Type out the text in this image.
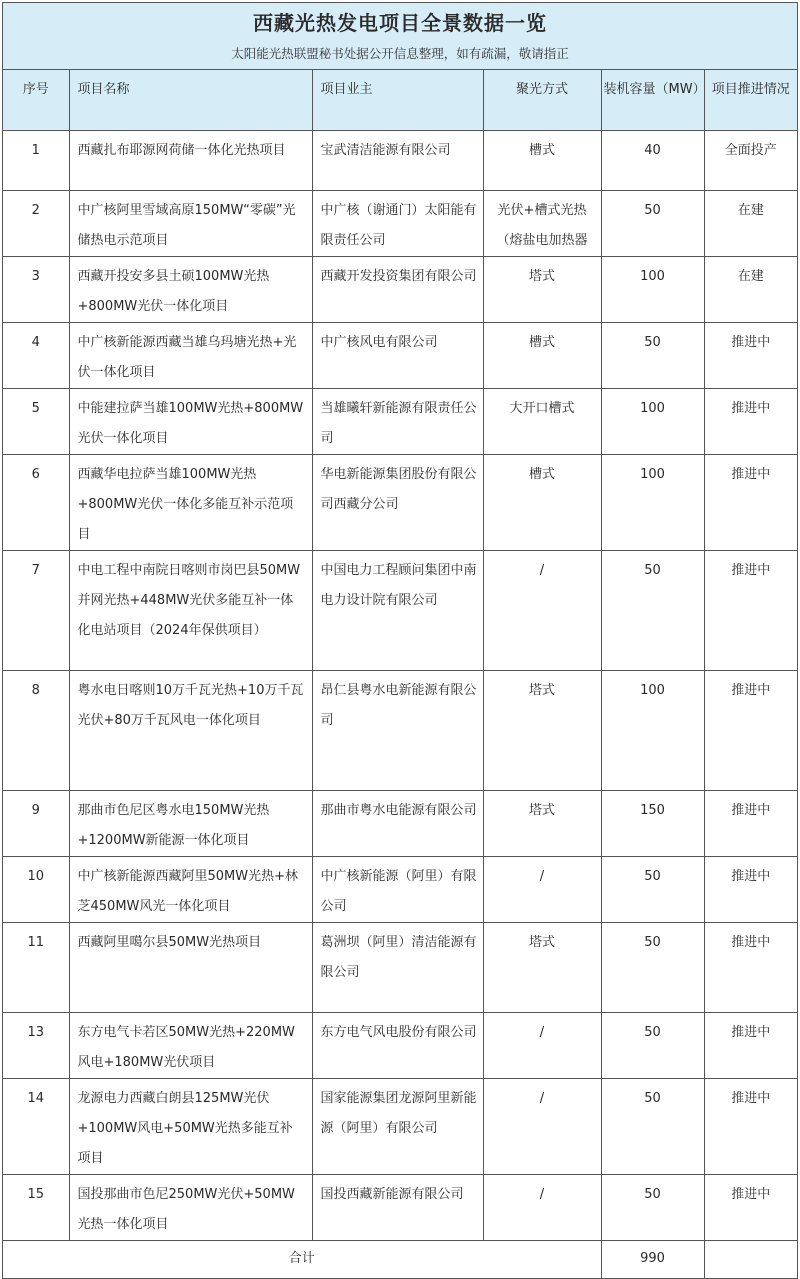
西藏光热发电项目全景数据一览
太阳能光热联盟秘书处据公开信息整理，如有疏漏，敬请指正
序号	项目名称	项目业主	聚光方式	装机容量（MW）	项目推进情况
1	西藏扎布耶源网荷储一体化光热项目	宝武清洁能源有限公司	槽式	40	全面投产
2	中广核阿里雪域高原150MW“零碳”光储热电示范项目	中广核（谢通门）太阳能有限责任公司	光伏+槽式光热（熔盐电加热器	50	在建
3	西藏开投安多县土硕100MW光热+800MW光伏一体化项目	西藏开发投资集团有限公司	塔式	100	在建
4	中广核新能源西藏当雄乌玛塘光热+光伏一体化项目	中广核风电有限公司	槽式	50	推进中
5	中能建拉萨当雄100MW光热+800MW光伏一体化项目	当雄曦轩新能源有限责任公司	大开口槽式	100	推进中
6	西藏华电拉萨当雄100MW光热+800MW光伏一体化多能互补示范项目	华电新能源集团股份有限公司西藏分公司	槽式	100	推进中
7	中电工程中南院日喀则市岗巴县50MW并网光热+448MW光伏多能互补一体化电站项目（2024年保供项目）	中国电力工程顾问集团中南电力设计院有限公司	/	50	推进中
8	粤水电日喀则10万千瓦光热+10万千瓦光伏+80万千瓦风电一体化项目	昂仁县粤水电新能源有限公司	塔式	100	推进中
9	那曲市色尼区粤水电150MW光热+1200MW新能源一体化项目	那曲市粤水电能源有限公司	塔式	150	推进中
10	中广核新能源西藏阿里50MW光热+林芝450MW风光一体化项目	中广核新能源（阿里）有限公司	/	50	推进中
11	西藏阿里噶尔县50MW光热项目	葛洲坝（阿里）清洁能源有限公司	塔式	50	推进中
13	东方电气卡若区50MW光热+220MW风电+180MW光伏项目	东方电气风电股份有限公司	/	50	推进中
14	龙源电力西藏白朗县125MW光伏+100MW风电+50MW光热多能互补项目	国家能源集团龙源阿里新能源（阿里）有限公司	/	50	推进中
15	国投那曲市色尼250MW光伏+50MW光热一体化项目	国投西藏新能源有限公司	/	50	推进中
合计				990	
